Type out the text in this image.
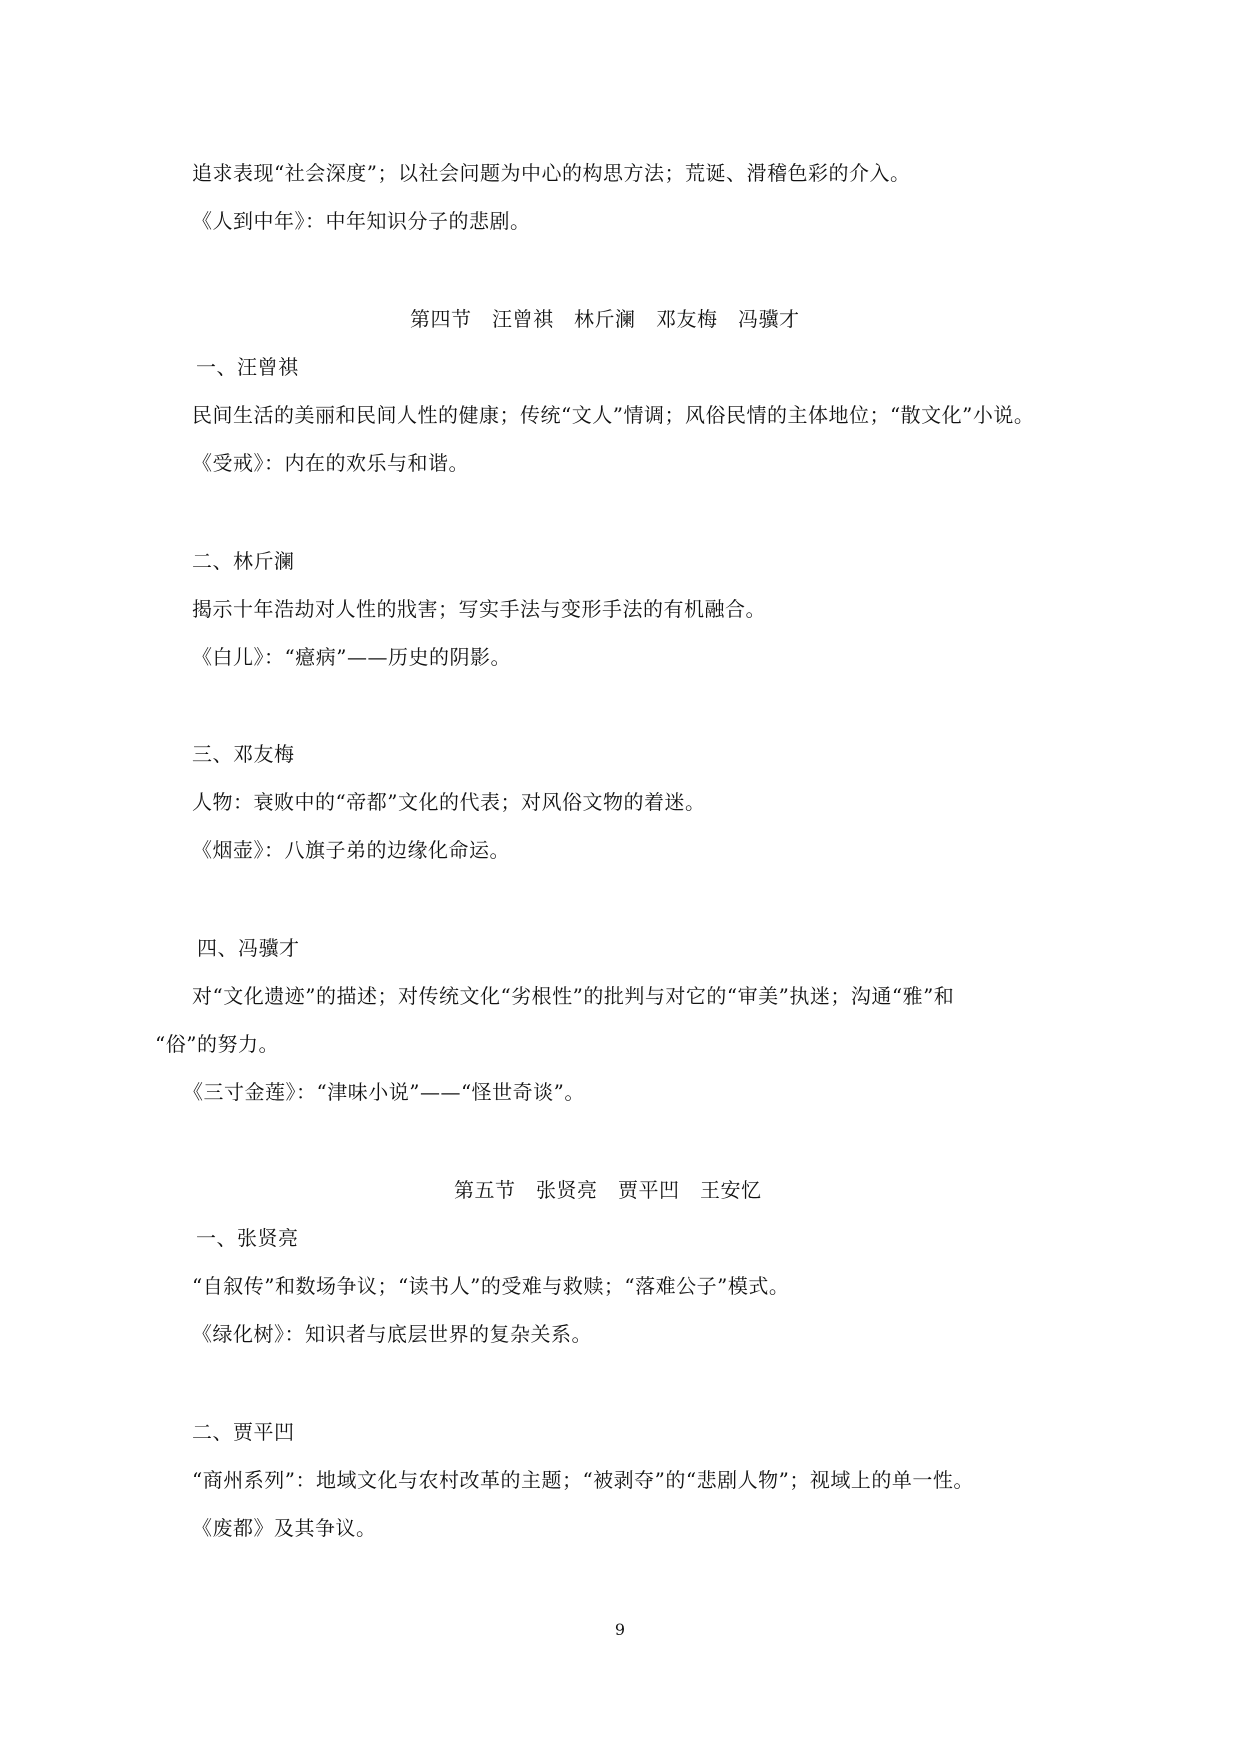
追求表现“社会深度”；以社会问题为中心的构思方法；荒诞、滑稽色彩的介入。
《人到中年》：中年知识分子的悲剧。
第四节　汪曾祺　林斤澜　邓友梅　冯骥才
一、汪曾祺
民间生活的美丽和民间人性的健康；传统“文人”情调；风俗民情的主体地位；“散文化”小说。
《受戒》：内在的欢乐与和谐。
二、林斤澜
揭示十年浩劫对人性的戕害；写实手法与变形手法的有机融合。
《白儿》：“癔病”——历史的阴影。
三、邓友梅
人物：衰败中的“帝都”文化的代表；对风俗文物的着迷。
《烟壶》：八旗子弟的边缘化命运。
四、冯骥才
对“文化遗迹”的描述；对传统文化“劣根性”的批判与对它的“审美”执迷；沟通“雅”和
“俗”的努力。
《三寸金莲》：“津味小说”——“怪世奇谈”。
第五节　张贤亮　贾平凹　王安忆
一、张贤亮
“自叙传”和数场争议；“读书人”的受难与救赎；“落难公子”模式。
《绿化树》：知识者与底层世界的复杂关系。
二、贾平凹
“商州系列”：地域文化与农村改革的主题；“被剥夺”的“悲剧人物”；视域上的单一性。
《废都》及其争议。
9
